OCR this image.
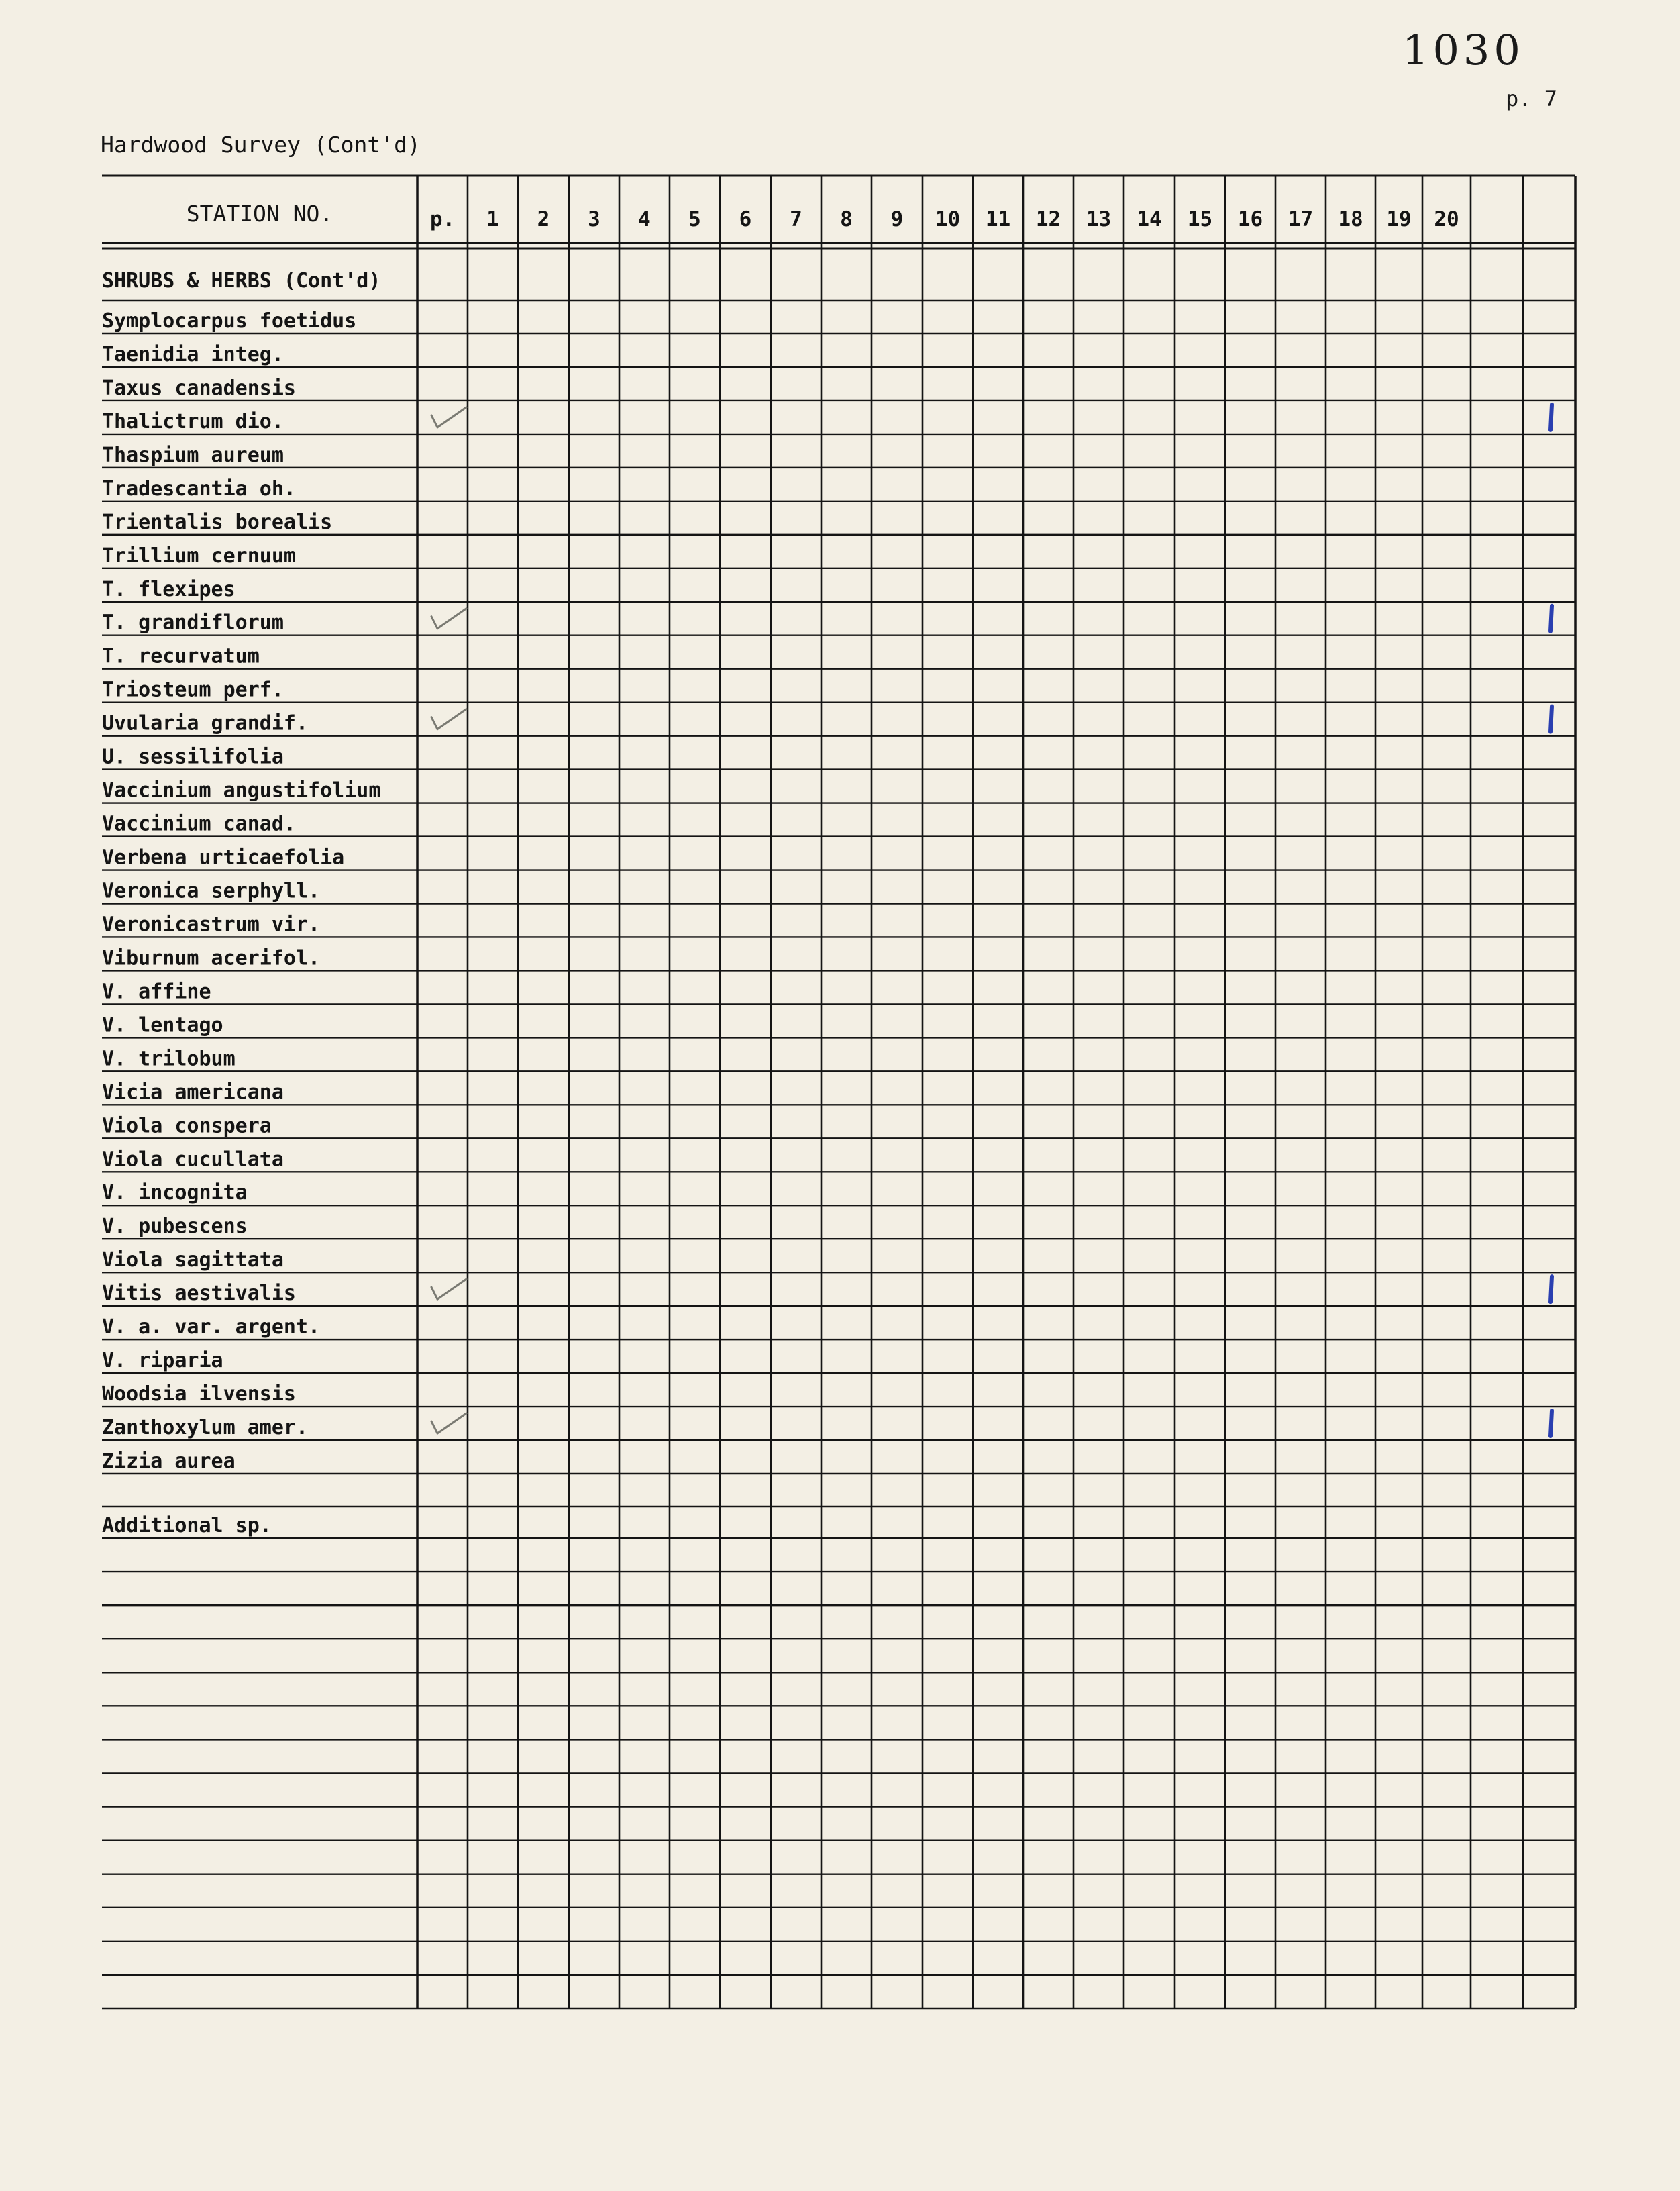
1030
p. 7
Hardwood Survey (Cont'd)
STATION NO.	p. 1 2 3 4 5 6 7 8 9 10 11 12 13 14 15 16 17 18 19 20
SHRUBS & HERBS (Cont'd)
Symplocarpus foetidus
Taenidia integ.
Taxus canadensis
Thalictrum dio.
Thaspium aureum
Tradescantia oh.
Trientalis borealis
Trillium cernuum
T. flexipes
T. grandiflorum
T. recurvatum
Triosteum perf.
Uvularia grandif.
U. sessilifolia
Vaccinium angustifolium
Vaccinium canad.
Verbena urticaefolia
Veronica serphyll.
Veronicastrum vir.
Viburnum acerifol.
V. affine
V. lentago
V. trilobum
Vicia americana
Viola conspera
Viola cucullata
V. incognita
V. pubescens
Viola sagittata
Vitis aestivalis
V. a. var. argent.
V. riparia
Woodsia ilvensis
Zanthoxylum amer.
Zizia aurea
Additional sp.
